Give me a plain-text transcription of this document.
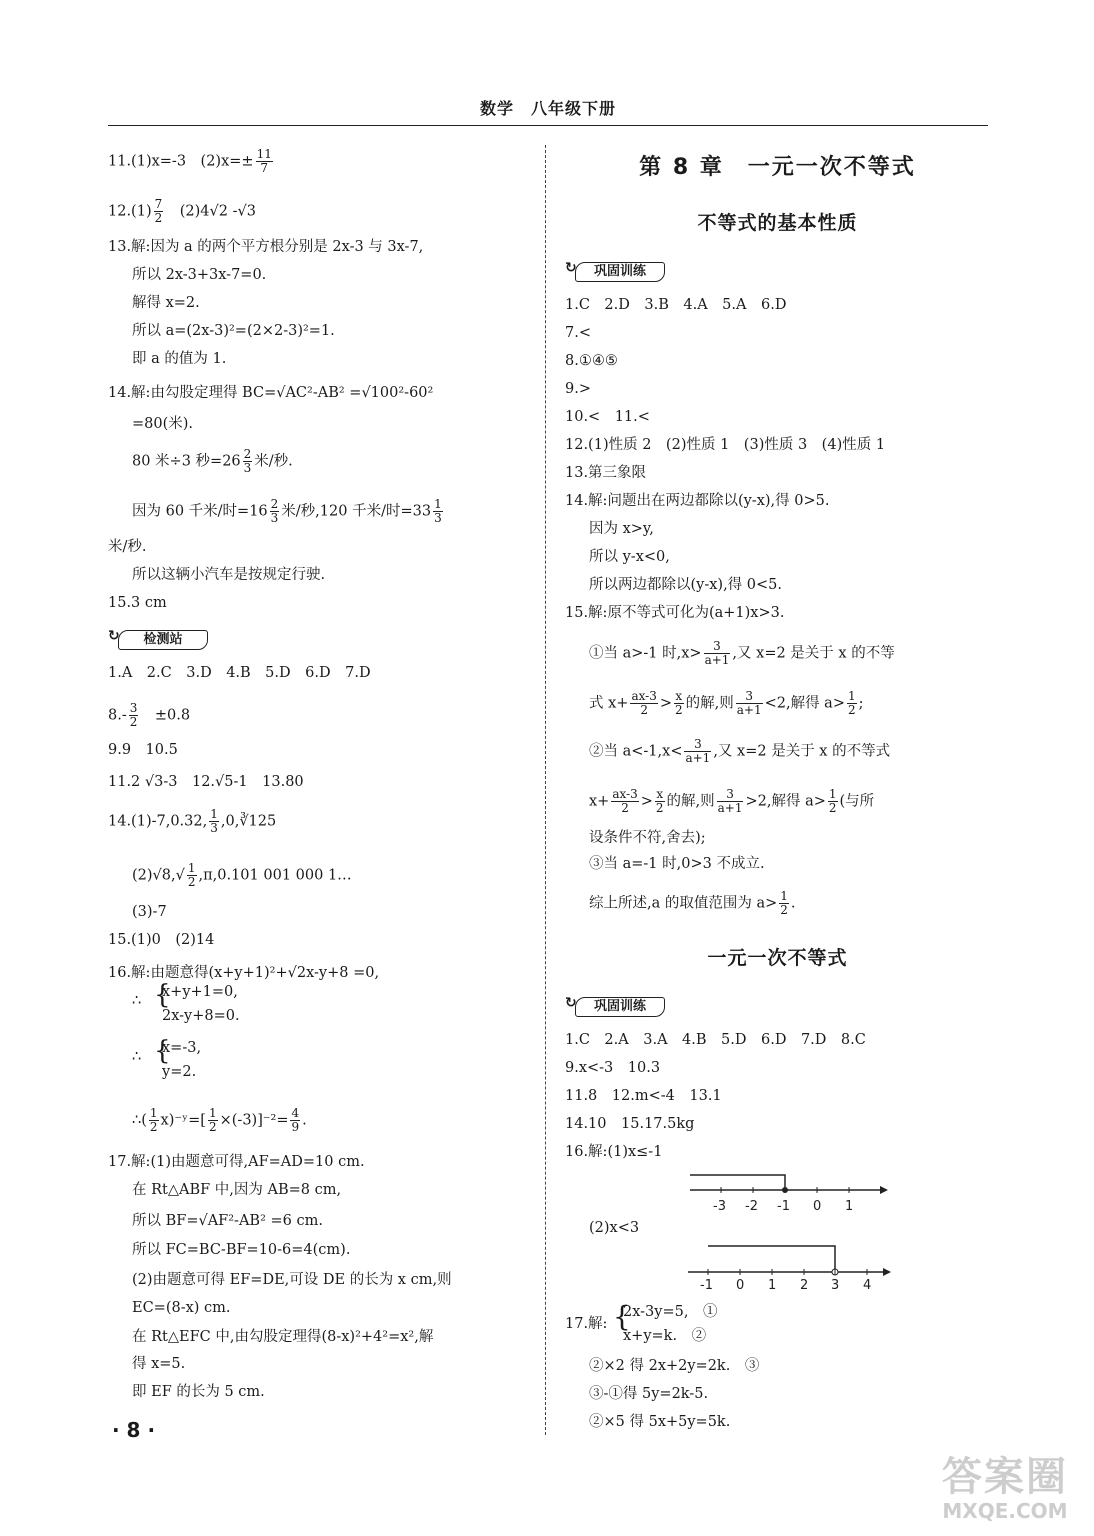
数学　八年级下册
11.(1)x=-3　$(2)x=\pm \frac{11}{7}$
$12.(1) \frac{7}{2}$ 　(2)4√2 -√3
13.解:因为 a 的两个平方根分别是 2x-3 与 3x-7,
所以 2x-3+3x-7=0.
解得 x=2.
所以 a=(2x-3)²=(2×2-3)²=1.
即 a 的值为 1.
14.解:由勾股定理得 BC=√AC²-AB² =√100²-60²
=80(米).
80 米÷3 秒$=26 \frac{2}{3}$ 米/秒.
因为 60 千米/时$=16 \frac{2}{3}$ 米/秒,120 千米/时$=33 \frac{1}{3}$
米/秒.
所以这辆小汽车是按规定行驶.
15.3 cm
↻	检测站
1.A　2.C　3.D　4.B　5.D　6.D　7.D
$8.- \frac{3}{2}$ 　±0.8
9.9　10.5
11.2 √3-3　12.√5-1　13.80
14.(1)-7,0.32, $\frac{1}{3}$ ,0,∛125
$(2)√8,√ \frac{1}{2} ,\pi,0.101$ 001 000 1…
(3)-7
15.(1)0　(2)14
16.解:由题意得(x+y+1)²+√2x-y+8 =0,
∴ {
x+y+1=0,
2x-y+8=0.
∴ {
x=-3,
y=2.
∴( $\frac{1}{2}$ x)⁻ʸ=[ $\frac{1}{2} \times(-3)]^{-2}= \frac{4}{9}$ .
17.解:(1)由题意可得,AF=AD=10 cm.
在 Rt△ABF 中,因为 AB=8 cm,
所以 BF=√AF²-AB² =6 cm.
所以 FC=BC-BF=10-6=4(cm).
(2)由题意可得 EF=DE,可设 DE 的长为 x cm,则
EC=(8-x) cm.
在 Rt△EFC 中,由勾股定理得(8-x)²+4²=x²,解
得 x=5.
即 EF 的长为 5 cm.
第 8 章　一元一次不等式
不等式的基本性质
↻	巩固训练
1.C　2.D　3.B　4.A　5.A　6.D
7.<
8.①④⑤
9.>
10.<　11.<
12.(1)性质 2　(2)性质 1　(3)性质 3　(4)性质 1
13.第三象限
14.解:问题出在两边都除以(y-x),得 0>5.
因为 x>y,
所以 y-x<0,
所以两边都除以(y-x),得 0<5.
15.解:原不等式可化为(a+1)x>3.
①当 a>-1 时$,x> \frac{3}{a+1}$ ,又 x=2 是关于 x 的不等
式 $x+ \frac{ax-3}{2} > \frac{x}{2}$ 的解,则 $\frac{3}{a+1} <2$,解得 $a> \frac{1}{2}$ ;
②当 $a<-1,x< \frac{3}{a+1}$ ,又 x=2 是关于 x 的不等式
$x+ \frac{ax-3}{2} > \frac{x}{2}$ 的解,则 $\frac{3}{a+1} >2$,解得 $a> \frac{1}{2}$ (与所
设条件不符,舍去);
③当 a=-1 时,0>3 不成立.
综上所述,a 的取值范围为 $a> \frac{1}{2}$ .
一元一次不等式
↻	巩固训练
1.C　2.A　3.A　4.B　5.D　6.D　7.D　8.C
9.x<-3　10.3
11.8　12.m<-4　13.1
14.10　15.17.5kg
16.解:(1)x≤-1
-3 -2 -1 0 1
(2)x<3
-1 0 1 2 3 4
17.解: {
2x-3y=5,　①
x+y=k.　②
②×2 得 2x+2y=2k.　③
③-①得 5y=2k-5.
②×5 得 5x+5y=5k.
· 8 ·
答案圈
MXQE.COM
